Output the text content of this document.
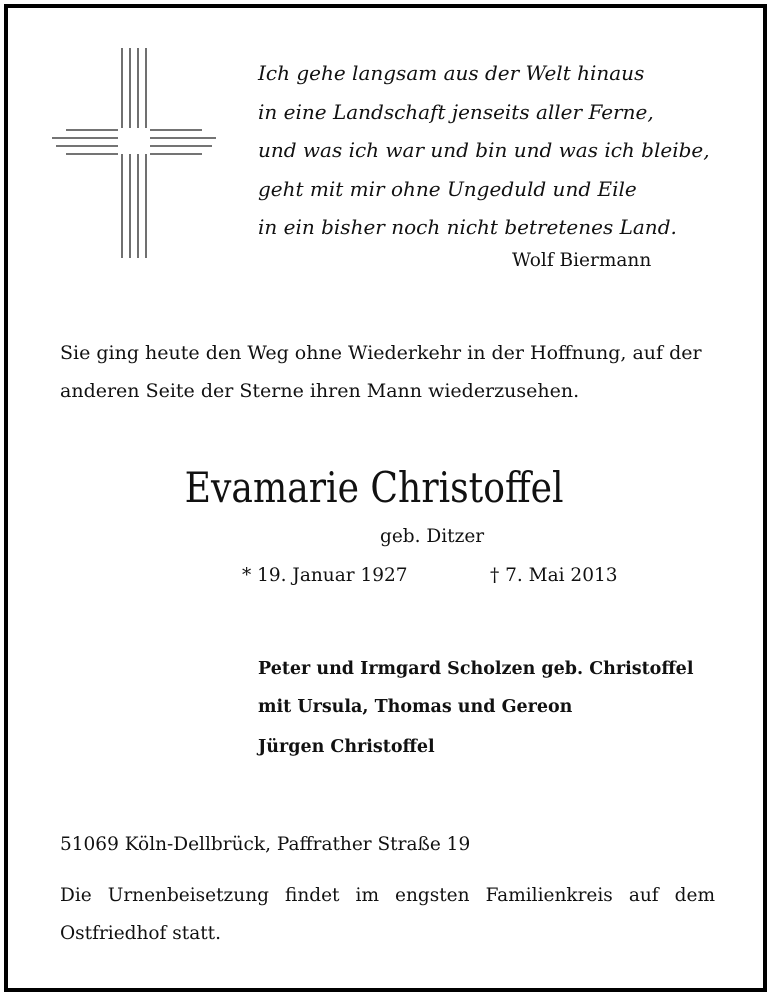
Ich gehe langsam aus der Welt hinaus
in eine Landschaft jenseits aller Ferne,
und was ich war und bin und was ich bleibe,
geht mit mir ohne Ungeduld und Eile
in ein bisher noch nicht betretenes Land.
Wolf Biermann
Sie ging heute den Weg ohne Wiederkehr in der Hoffnung, auf der
anderen Seite der Sterne ihren Mann wiederzusehen.
Evamarie Christoffel
geb. Ditzer
* 19. Januar 1927	† 7. Mai 2013
Peter und Irmgard Scholzen geb. Christoffel
mit Ursula, Thomas und Gereon
Jürgen Christoffel
51069 Köln-Dellbrück, Paffrather Straße 19
Die Urnenbeisetzung findet im engsten Familienkreis auf dem
Ostfriedhof statt.
